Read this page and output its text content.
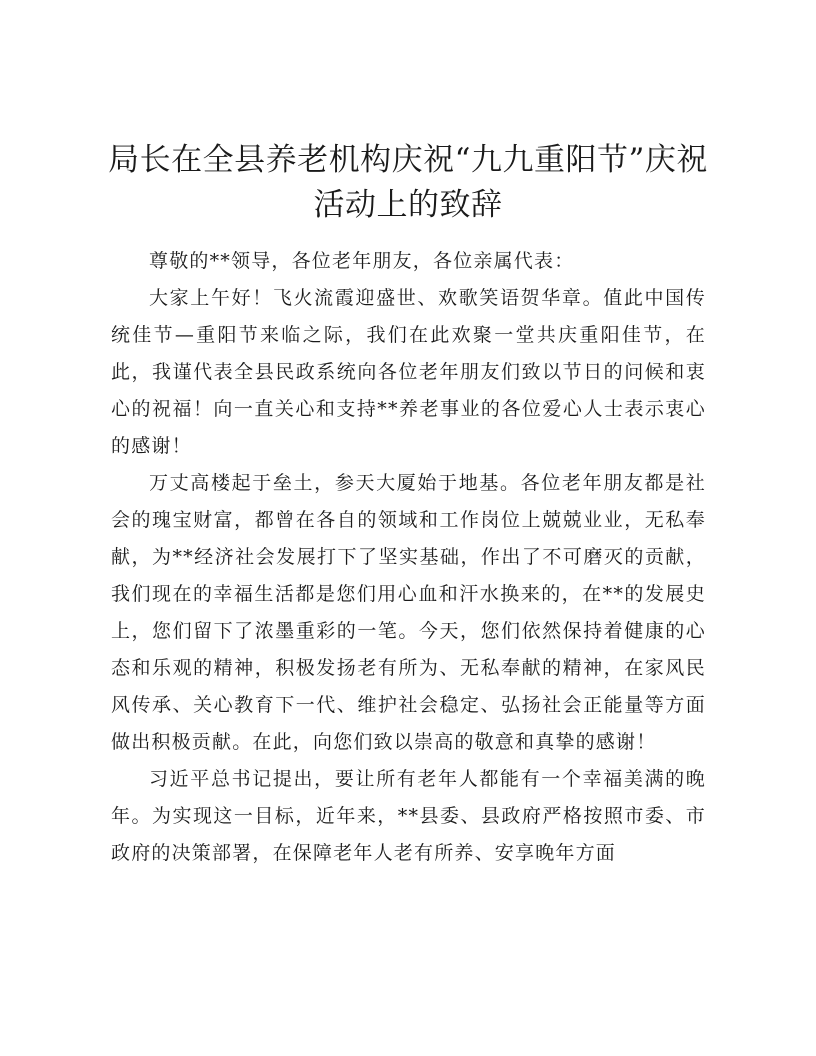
局长在全县养老机构庆祝“九九重阳节”庆祝活动上的致辞

尊敬的**领导，各位老年朋友，各位亲属代表：

大家上午好！飞火流霞迎盛世、欢歌笑语贺华章。值此中国传统佳节—重阳节来临之际，我们在此欢聚一堂共庆重阳佳节，在此，我谨代表全县民政系统向各位老年朋友们致以节日的问候和衷心的祝福！向一直关心和支持**养老事业的各位爱心人士表示衷心的感谢！

万丈高楼起于垒土，参天大厦始于地基。各位老年朋友都是社会的瑰宝财富，都曾在各自的领域和工作岗位上兢兢业业，无私奉献，为**经济社会发展打下了坚实基础，作出了不可磨灭的贡献，我们现在的幸福生活都是您们用心血和汗水换来的，在**的发展史上，您们留下了浓墨重彩的一笔。今天，您们依然保持着健康的心态和乐观的精神，积极发扬老有所为、无私奉献的精神，在家风民风传承、关心教育下一代、维护社会稳定、弘扬社会正能量等方面做出积极贡献。在此，向您们致以崇高的敬意和真挚的感谢！

习近平总书记提出，要让所有老年人都能有一个幸福美满的晚年。为实现这一目标，近年来，**县委、县政府严格按照市委、市政府的决策部署，在保障老年人老有所养、安享晚年方面
